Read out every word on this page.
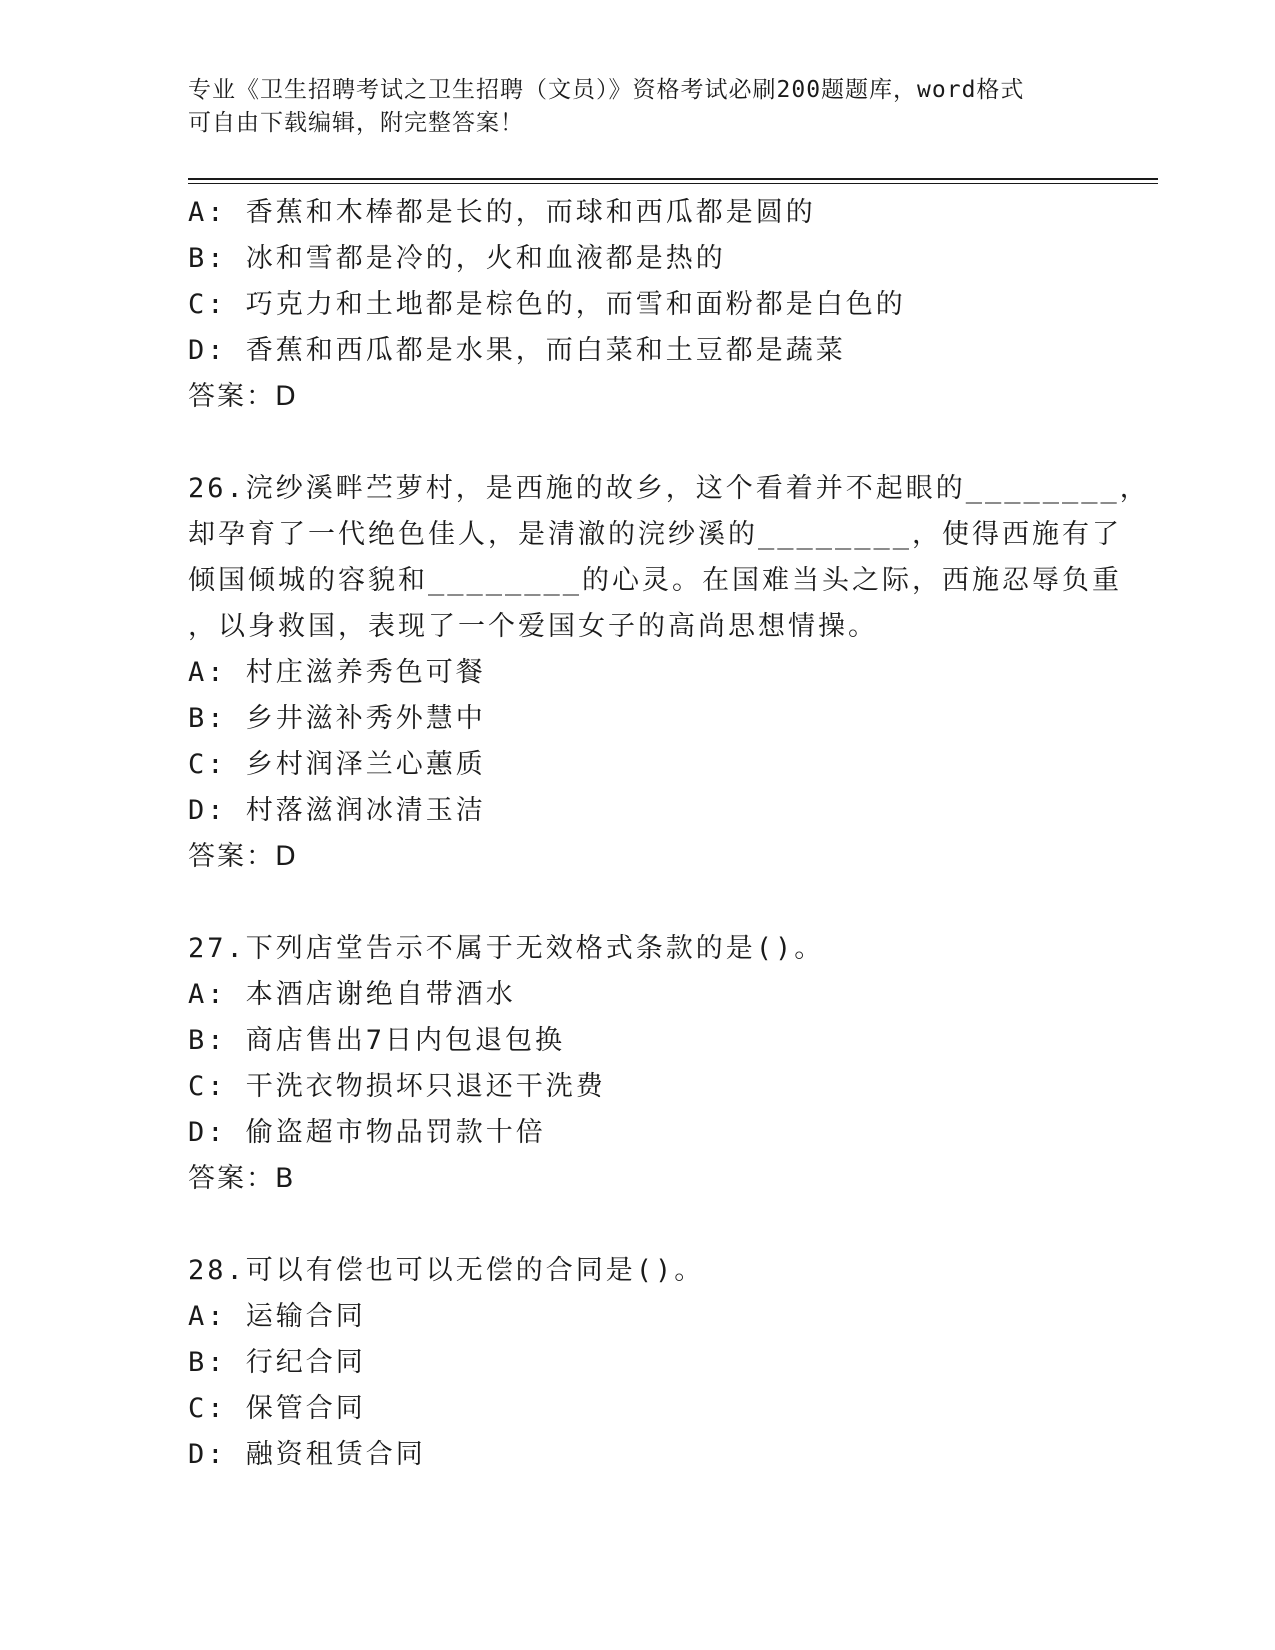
专业《卫生招聘考试之卫生招聘（文员）》资格考试必刷200题题库，word格式
可自由下载编辑，附完整答案！
A: 香蕉和木棒都是长的，而球和西瓜都是圆的
B: 冰和雪都是冷的，火和血液都是热的
C: 巧克力和土地都是棕色的，而雪和面粉都是白色的
D: 香蕉和西瓜都是水果，而白菜和土豆都是蔬菜
答案：D
26.浣纱溪畔苎萝村，是西施的故乡，这个看着并不起眼的________，
却孕育了一代绝色佳人，是清澈的浣纱溪的________，使得西施有了
倾国倾城的容貌和________的心灵。在国难当头之际，西施忍辱负重
，以身救国，表现了一个爱国女子的高尚思想情操。
A: 村庄滋养秀色可餐
B: 乡井滋补秀外慧中
C: 乡村润泽兰心蕙质
D: 村落滋润冰清玉洁
答案：D
27.下列店堂告示不属于无效格式条款的是()。
A: 本酒店谢绝自带酒水
B: 商店售出7日内包退包换
C: 干洗衣物损坏只退还干洗费
D: 偷盗超市物品罚款十倍
答案：B
28.可以有偿也可以无偿的合同是()。
A: 运输合同
B: 行纪合同
C: 保管合同
D: 融资租赁合同
